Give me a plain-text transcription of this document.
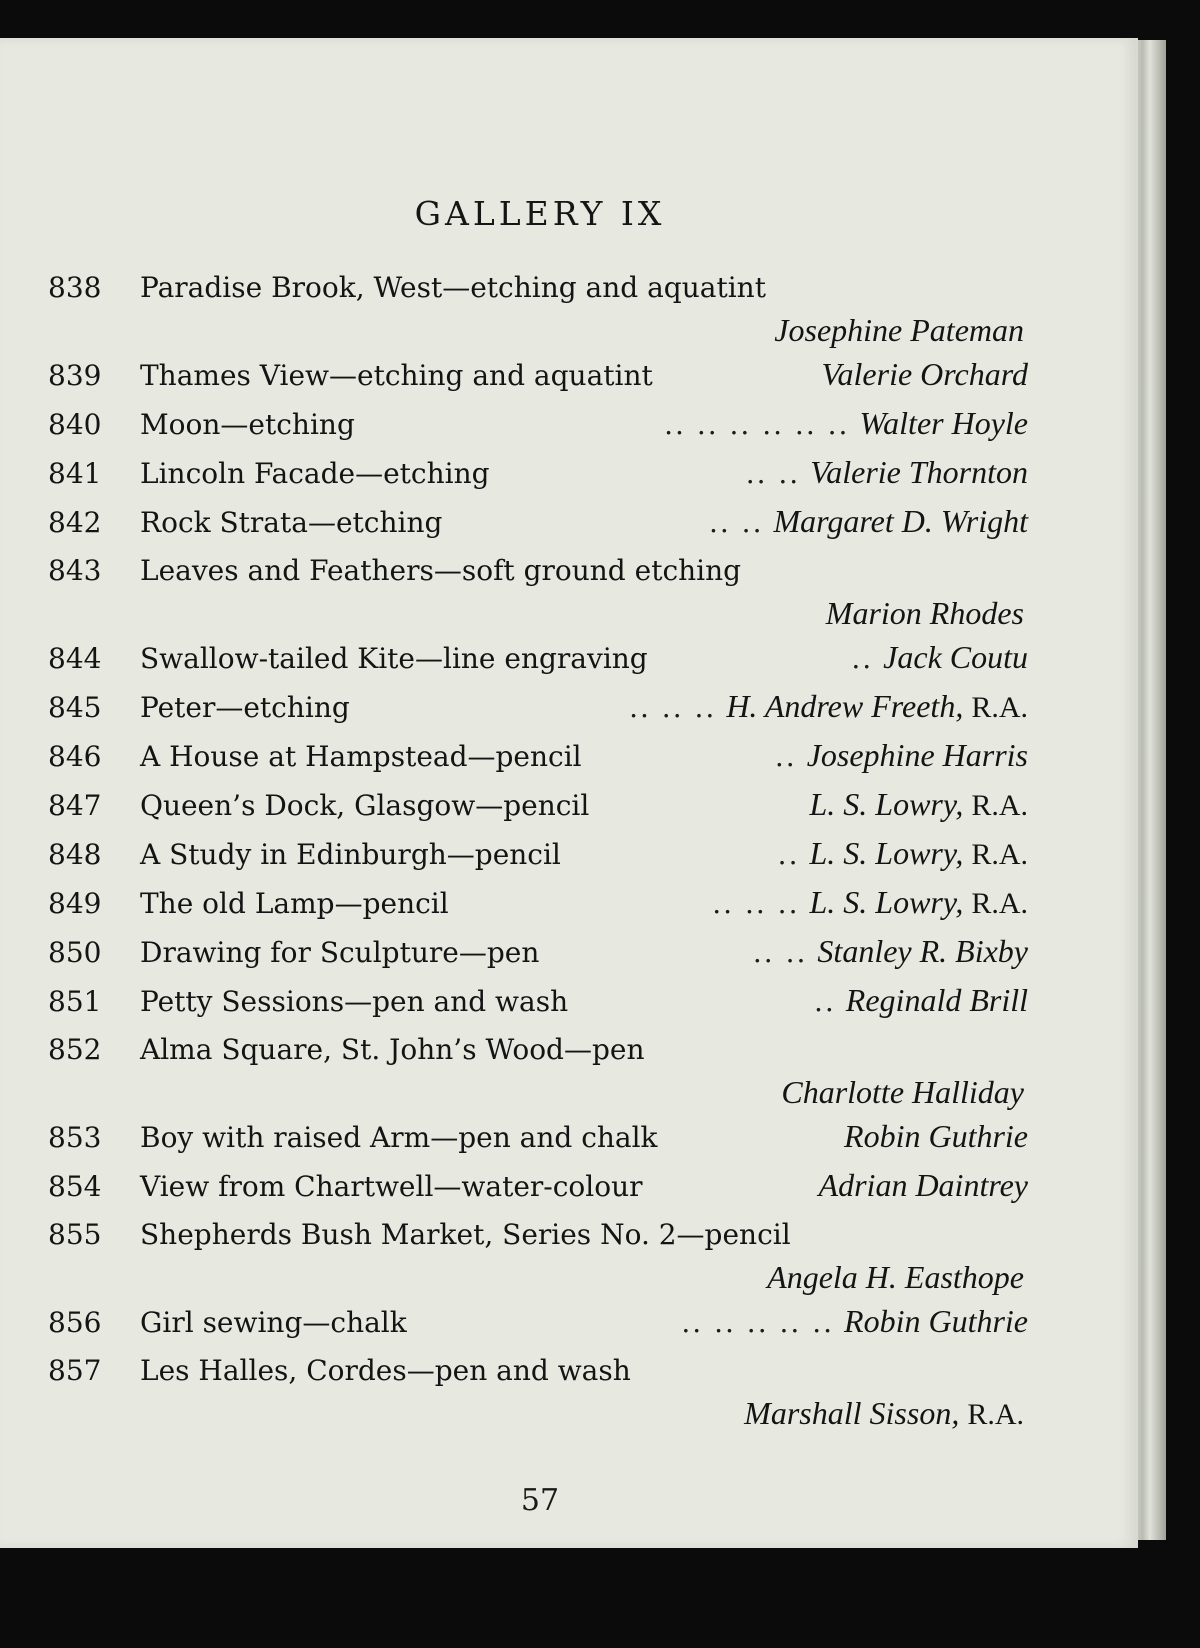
GALLERY IX
838	Paradise Brook, West—etching and aquatint
Josephine Pateman
839	Thames View—etching and aquatint	Valerie Orchard
840	Moon—etching	.. .. .. .. .. .. Walter Hoyle
841	Lincoln Facade—etching	.. .. Valerie Thornton
842	Rock Strata—etching	.. .. Margaret D. Wright
843	Leaves and Feathers—soft ground etching
Marion Rhodes
844	Swallow-tailed Kite—line engraving	.. Jack Coutu
845	Peter—etching	.. .. .. H. Andrew Freeth, R.A.
846	A House at Hampstead—pencil	.. Josephine Harris
847	Queen’s Dock, Glasgow—pencil	L. S. Lowry, R.A.
848	A Study in Edinburgh—pencil	.. L. S. Lowry, R.A.
849	The old Lamp—pencil	.. .. .. L. S. Lowry, R.A.
850	Drawing for Sculpture—pen	.. .. Stanley R. Bixby
851	Petty Sessions—pen and wash	.. Reginald Brill
852	Alma Square, St. John’s Wood—pen
Charlotte Halliday
853	Boy with raised Arm—pen and chalk	Robin Guthrie
854	View from Chartwell—water-colour	Adrian Daintrey
855	Shepherds Bush Market, Series No. 2—pencil
Angela H. Easthope
856	Girl sewing—chalk	.. .. .. .. .. Robin Guthrie
857	Les Halles, Cordes—pen and wash
Marshall Sisson, R.A.
57
